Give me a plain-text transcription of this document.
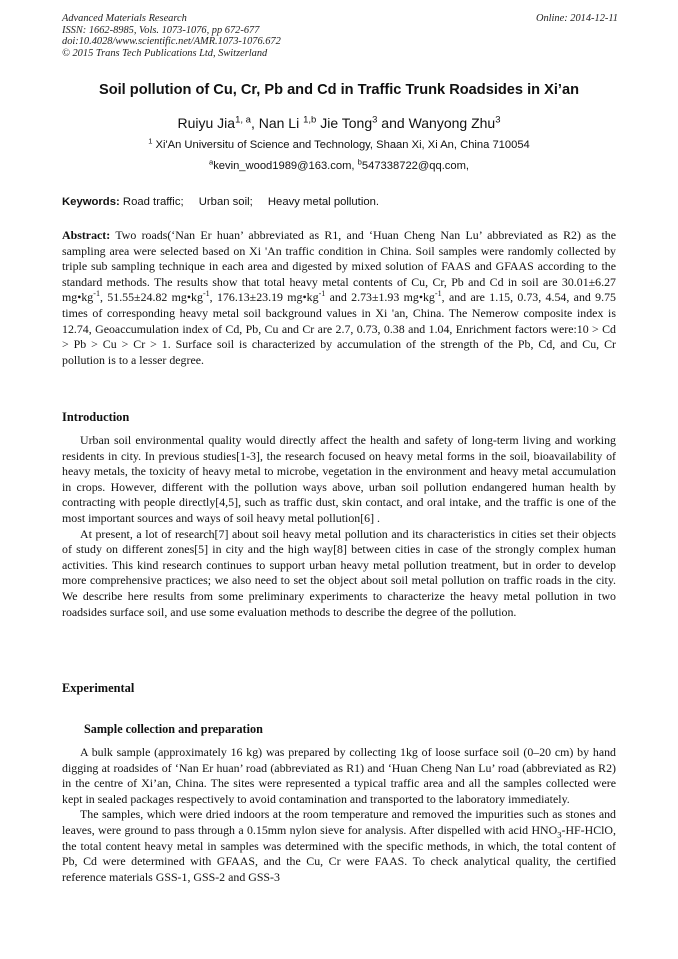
Advanced Materials Research
ISSN: 1662-8985, Vols. 1073-1076, pp 672-677
doi:10.4028/www.scientific.net/AMR.1073-1076.672
© 2015 Trans Tech Publications Ltd, Switzerland
Online: 2014-12-11
Soil pollution of Cu, Cr, Pb and Cd in Traffic Trunk Roadsides in Xi’an
Ruiyu Jia$^{1, a}$, Nan Li $^{1,b}$ Jie Tong$^3$ and Wanyong Zhu$^3$
$^1$ Xi'An Universitu of Science and Technology, Shaan Xi, Xi An, China 710054
$^a$kevin_wood1989@163.com, $^b$547338722@qq.com,
Keywords: Road traffic; Urban soil; Heavy metal pollution.
Abstract: Two roads(‘Nan Er huan’ abbreviated as R1, and ‘Huan Cheng Nan Lu’ abbreviated as R2) as the sampling area were selected based on Xi 'An traffic condition in China. Soil samples were randomly collected by triple sub sampling technique in each area and digested by mixed solution of FAAS and GFAAS according to the standard methods. The results show that total heavy metal contents of Cu, Cr, Pb and Cd in soil are 30.01±6.27 $mg•kg^{-1}$, 51.55±24.82 $mg•kg^{-1}$, 176.13±23.19 $mg•kg^{-1}$ and 2.73±1.93 $mg•kg^{-1}$, and are 1.15, 0.73, 4.54, and 9.75 times of corresponding heavy metal soil background values in Xi 'an, China. The Nemerow composite index is 12.74, Geoaccumulation index of Cd, Pb, Cu and Cr are 2.7, 0.73, 0.38 and 1.04, Enrichment factors were:10 > Cd > Pb > Cu > Cr > 1. Surface soil is characterized by accumulation of the strength of the Pb, Cd, and Cu, Cr pollution is to a lesser degree.
Introduction

Urban soil environmental quality would directly affect the health and safety of long-term living and working residents in city. In previous studies[1-3], the research focused on heavy metal forms in the soil, bioavailability of heavy metals, the toxicity of heavy metal to microbe, vegetation in the environment and heavy metal accumulation in crops. However, different with the pollution ways above, urban soil pollution endangered human health by contracting with people directly[4,5], such as traffic dust, skin contact, and oral intake, and the traffic is one of the most important sources and ways of soil heavy metal pollution[6] .

At present, a lot of research[7] about soil heavy metal pollution and its characteristics in cities set their objects of study on different zones[5] in city and the high way[8] between cities in case of the strongly complex human activities. This kind research continues to support urban heavy metal pollution treatment, but in order to develop more comprehensive practices; we also need to set the object about soil metal pollution on traffic roads in the city. We describe here results from some preliminary experiments to characterize the heavy metal pollution in two roadsides surface soil, and use some evaluation methods to describe the degree of the pollution.

Experimental
Sample collection and preparation

A bulk sample (approximately 16 kg) was prepared by collecting 1kg of loose surface soil (0–20 cm) by hand digging at roadsides of ‘Nan Er huan’ road (abbreviated as R1) and ‘Huan Cheng Nan Lu’ road (abbreviated as R2) in the centre of Xi’an, China. The sites were represented a typical traffic area and all the samples collected were kept in sealed packages respectively to avoid contamination and transported to the laboratory immediately.

The samples, which were dried indoors at the room temperature and removed the impurities such as stones and leaves, were ground to pass through a 0.15mm nylon sieve for analysis. After dispelled with acid $HNO_3-HF$-HClO, the total content heavy metal in samples was determined with the specific methods, in which, the total content of Pb, Cd were determined with GFAAS, and the Cu, Cr were FAAS. To check analytical quality, the certified reference materials GSS-1, GSS-2 and GSS-3
